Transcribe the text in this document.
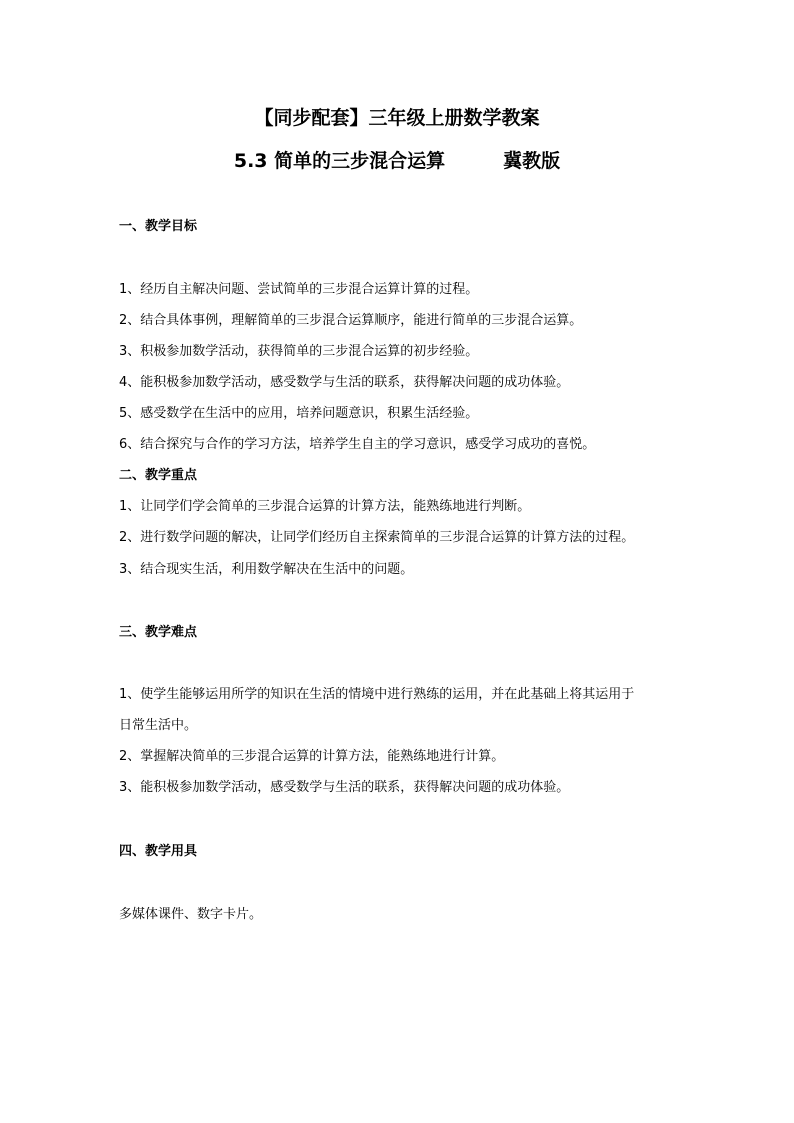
【同步配套】三年级上册数学教案
5.3 简单的三步混合运算	冀教版

一、教学目标

1、经历自主解决问题、尝试简单的三步混合运算计算的过程。

2、结合具体事例，理解简单的三步混合运算顺序，能进行简单的三步混合运算。

3、积极参加数学活动，获得简单的三步混合运算的初步经验。

4、能积极参加数学活动，感受数学与生活的联系，获得解决问题的成功体验。

5、感受数学在生活中的应用，培养问题意识，积累生活经验。

6、结合探究与合作的学习方法，培养学生自主的学习意识，感受学习成功的喜悦。

二、教学重点

1、让同学们学会简单的三步混合运算的计算方法，能熟练地进行判断。

2、进行数学问题的解决，让同学们经历自主探索简单的三步混合运算的计算方法的过程。

3、结合现实生活，利用数学解决在生活中的问题。

三、教学难点

1、使学生能够运用所学的知识在生活的情境中进行熟练的运用，并在此基础上将其运用于

日常生活中。

2、掌握解决简单的三步混合运算的计算方法，能熟练地进行计算。

3、能积极参加数学活动，感受数学与生活的联系，获得解决问题的成功体验。

四、教学用具

多媒体课件、数字卡片。
